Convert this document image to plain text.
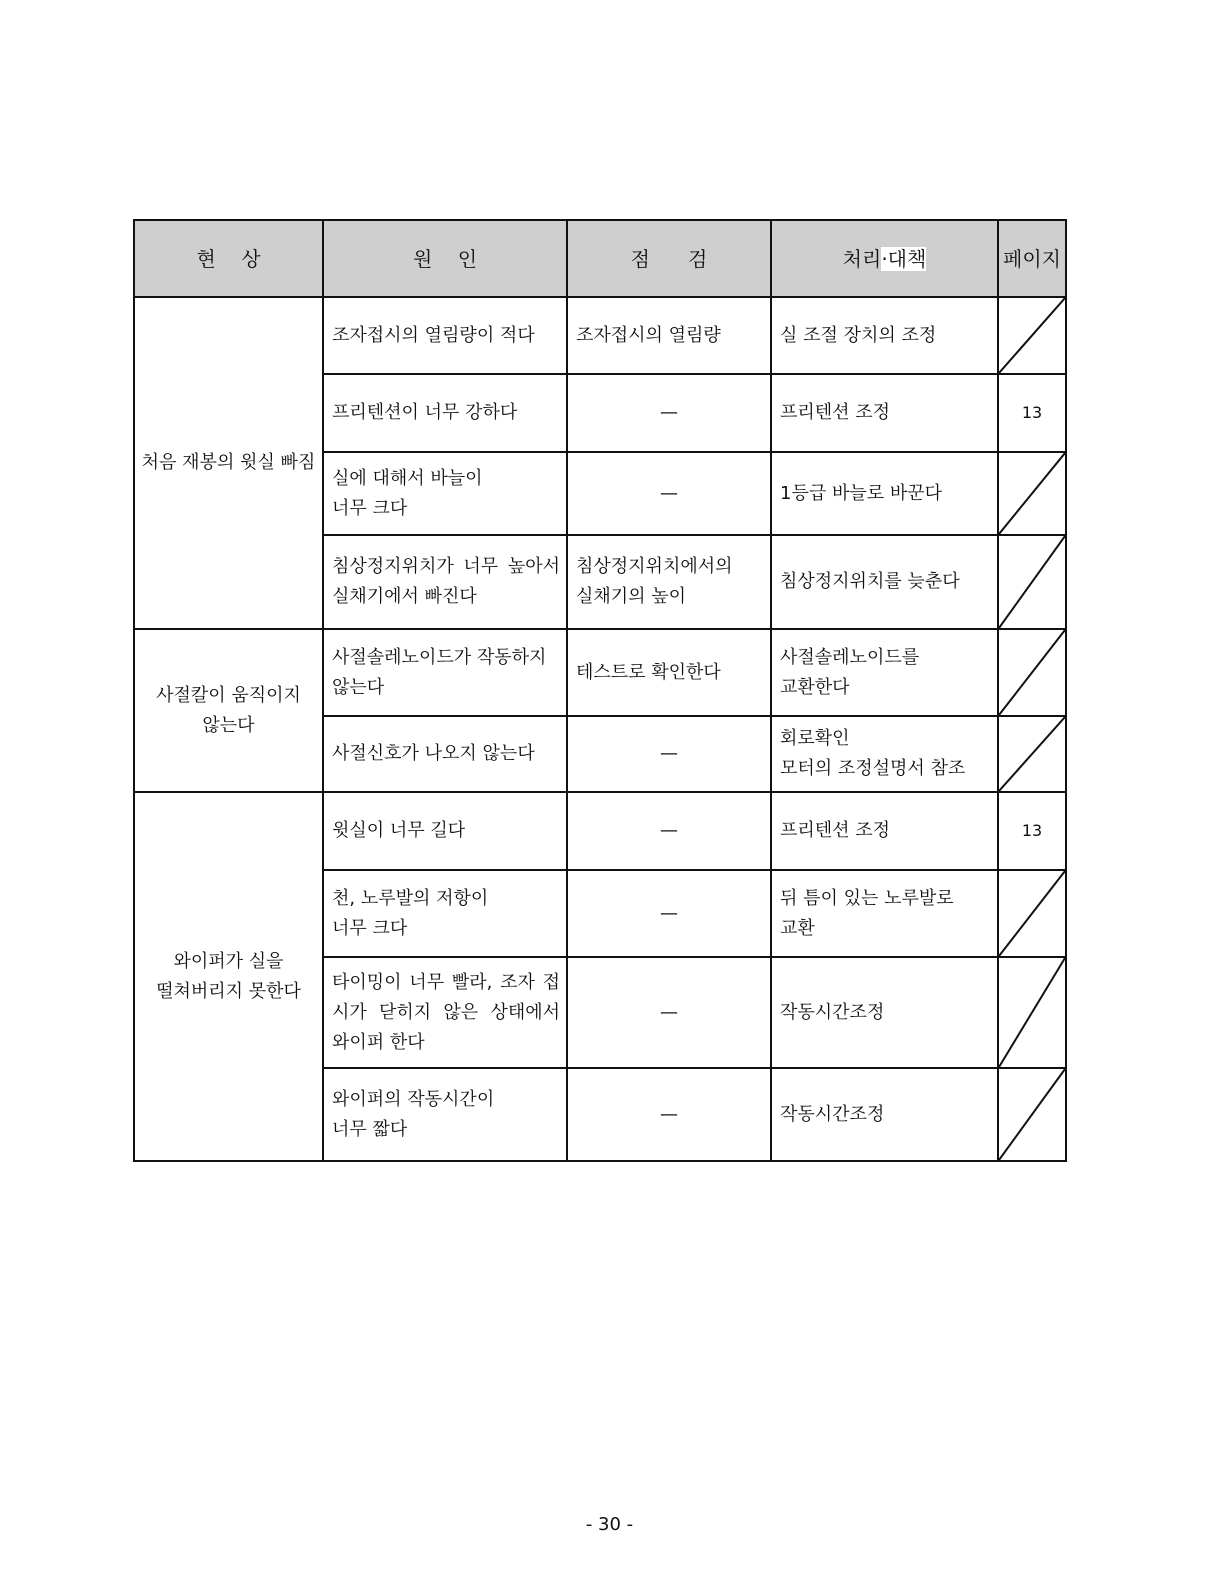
현    상	원    인	점      검	처리·대책	페이지
처음 재봉의 윗실 빠짐	조자접시의 열림량이 적다	조자접시의 열림량	실 조절 장치의 조정	

	프리텐션이 너무 강하다	—	프리텐션 조정	13
	실에 대해서 바늘이
너무 크다	—	1등급 바늘로 바꾼다	

	침상정지위치가 너무 높아서 실채기에서 빠진다	침상정지위치에서의
실채기의 높이	침상정지위치를 늦춘다	

사절칼이 움직이지
않는다	사절솔레노이드가 작동하지
않는다	테스트로 확인한다	사절솔레노이드를
교환한다	

	사절신호가 나오지 않는다	—	회로확인
모터의 조정설명서 참조	

와이퍼가 실을
떨쳐버리지 못한다	윗실이 너무 길다	—	프리텐션 조정	13
	천, 노루발의 저항이
너무 크다	—	뒤 틈이 있는 노루발로
교환	

	타이밍이 너무 빨라, 조자 접시가 닫히지 않은 상태에서 와이퍼 한다	—	작동시간조정	

	와이퍼의 작동시간이
너무 짧다	—	작동시간조정	
- 30 -
